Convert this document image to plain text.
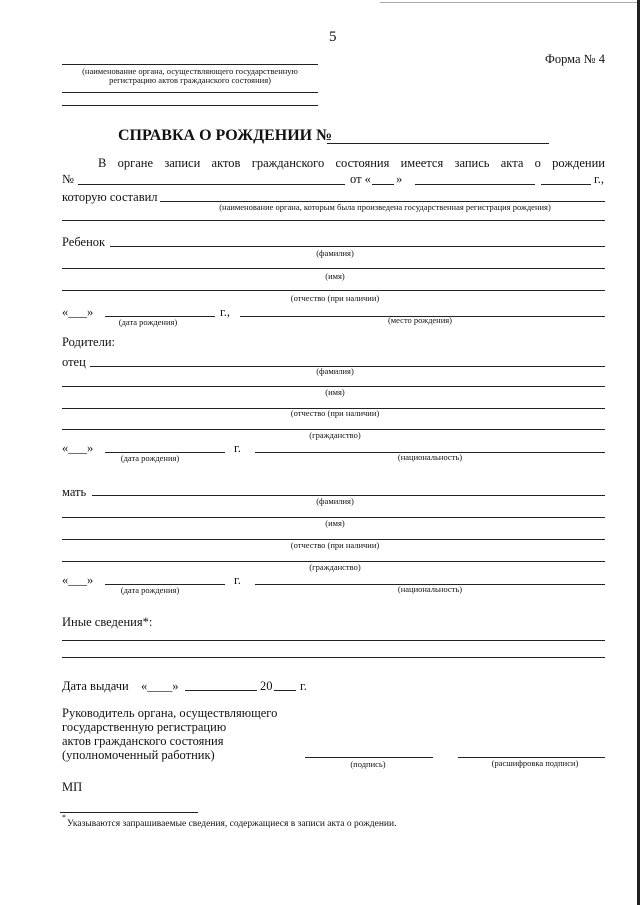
5
Форма № 4
(наименование органа, осуществляющего государственную
регистрацию актов гражданского состояния)
СПРАВКА О РОЖДЕНИИ №
В органе записи актов гражданского состояния имеется запись акта о рождении
№	от « »	г.,
которую составил
(наименование органа, которым была произведена государственная регистрация рождения)
Ребенок
(фамилия)
(имя)
(отчество (при наличии)
«___»	г.,
(дата рождения)	(место рождения)
Родители:
отец
(фамилия)
(имя)
(отчество (при наличии)
(гражданство)
«___»	г.
(дата рождения)	(национальность)
мать
(фамилия)
(имя)
(отчество (при наличии)
(гражданство)
«___»	г.
(дата рождения)	(национальность)
Иные сведения*:
Дата выдачи «____»	20 г.
Руководитель органа, осуществляющего
государственную регистрацию
актов гражданского состояния
(уполномоченный работник)
(подпись)	(расшифровка подписи)
МП
*
Указываются запрашиваемые сведения, содержащиеся в записи акта о рождении.
